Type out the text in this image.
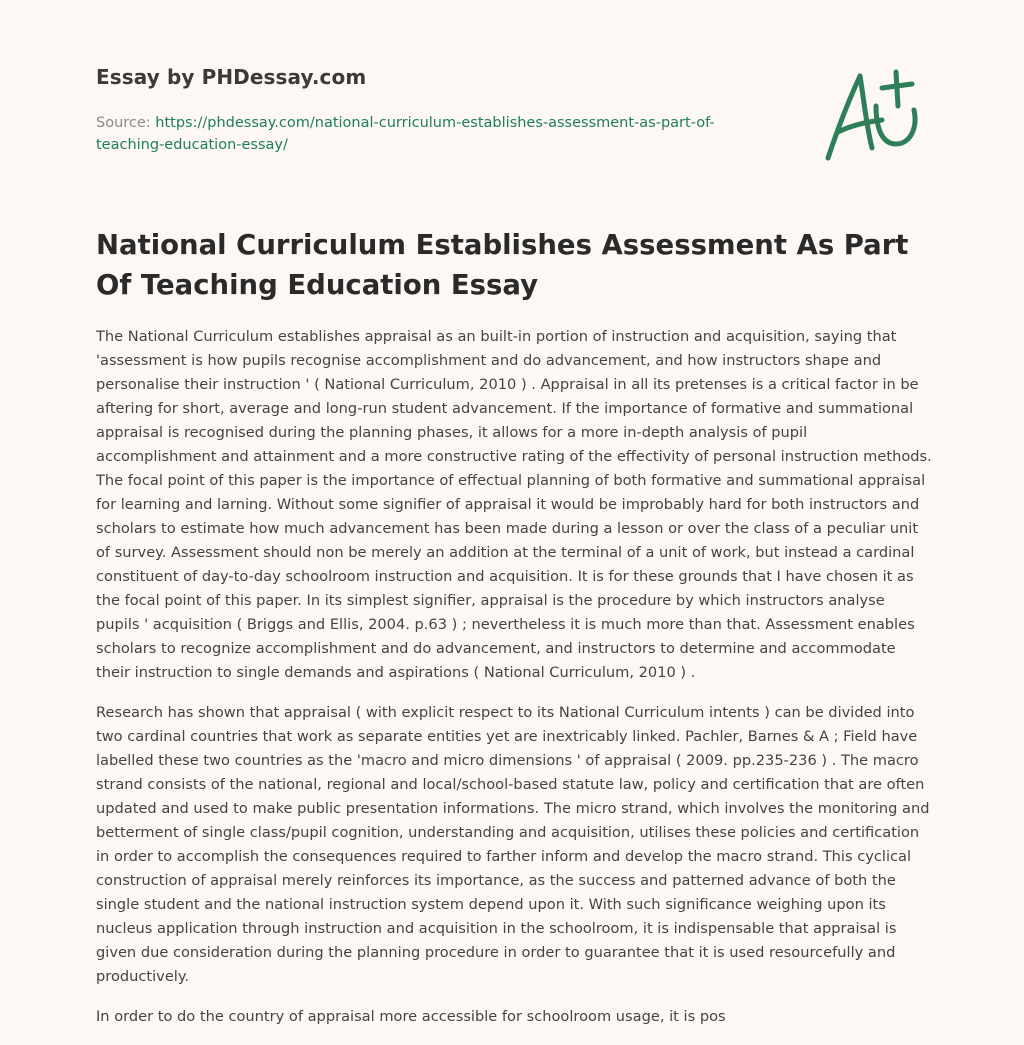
Essay by PHDessay.com
Source: https://phdessay.com/national-curriculum-establishes-assessment-as-part-of-teaching-education-essay/
National Curriculum Establishes Assessment As Part Of Teaching Education Essay

The National Curriculum establishes appraisal as an built-in portion of instruction and acquisition, saying that 'assessment is how pupils recognise accomplishment and do advancement, and how instructors shape and personalise their instruction ' ( National Curriculum, 2010 ) . Appraisal in all its pretenses is a critical factor in be aftering for short, average and long-run student advancement. If the importance of formative and summational appraisal is recognised during the planning phases, it allows for a more in-depth analysis of pupil accomplishment and attainment and a more constructive rating of the effectivity of personal instruction methods. The focal point of this paper is the importance of effectual planning of both formative and summational appraisal for learning and larning. Without some signifier of appraisal it would be improbably hard for both instructors and scholars to estimate how much advancement has been made during a lesson or over the class of a peculiar unit of survey. Assessment should non be merely an addition at the terminal of a unit of work, but instead a cardinal constituent of day-to-day schoolroom instruction and acquisition. It is for these grounds that I have chosen it as the focal point of this paper. In its simplest signifier, appraisal is the procedure by which instructors analyse pupils ' acquisition ( Briggs and Ellis, 2004. p.63 ) ; nevertheless it is much more than that. Assessment enables scholars to recognize accomplishment and do advancement, and instructors to determine and accommodate their instruction to single demands and aspirations ( National Curriculum, 2010 ) .

Research has shown that appraisal ( with explicit respect to its National Curriculum intents ) can be divided into two cardinal countries that work as separate entities yet are inextricably linked. Pachler, Barnes & A ; Field have labelled these two countries as the 'macro and micro dimensions ' of appraisal ( 2009. pp.235-236 ) . The macro strand consists of the national, regional and local/school-based statute law, policy and certification that are often updated and used to make public presentation informations. The micro strand, which involves the monitoring and betterment of single class/pupil cognition, understanding and acquisition, utilises these policies and certification in order to accomplish the consequences required to farther inform and develop the macro strand. This cyclical construction of appraisal merely reinforces its importance, as the success and patterned advance of both the single student and the national instruction system depend upon it. With such significance weighing upon its nucleus application through instruction and acquisition in the schoolroom, it is indispensable that appraisal is given due consideration during the planning procedure in order to guarantee that it is used resourcefully and productively.

In order to do the country of appraisal more accessible for schoolroom usage, it is pos
